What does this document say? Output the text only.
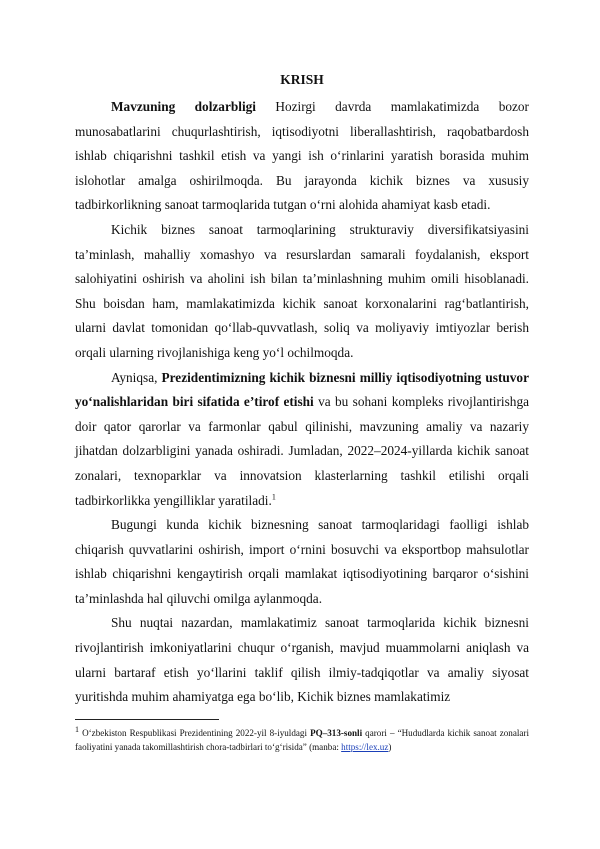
KRISH

Mavzuning dolzarbligi Hozirgi davrda mamlakatimizda bozor munosabatlarini chuqurlashtirish, iqtisodiyotni liberallashtirish, raqobatbardosh ishlab chiqarishni tashkil etish va yangi ish o‘rinlarini yaratish borasida muhim islohotlar amalga oshirilmoqda. Bu jarayonda kichik biznes va xususiy tadbirkorlikning sanoat tarmoqlarida tutgan o‘rni alohida ahamiyat kasb etadi.

Kichik biznes sanoat tarmoqlarining strukturaviy diversifikatsiyasini ta’minlash, mahalliy xomashyo va resurslardan samarali foydalanish, eksport salohiyatini oshirish va aholini ish bilan ta’minlashning muhim omili hisoblanadi. Shu boisdan ham, mamlakatimizda kichik sanoat korxonalarini rag‘batlantirish, ularni davlat tomonidan qo‘llab-quvvatlash, soliq va moliyaviy imtiyozlar berish orqali ularning rivojlanishiga keng yo‘l ochilmoqda.

Ayniqsa, Prezidentimizning kichik biznesni milliy iqtisodiyotning ustuvor yo‘nalishlaridan biri sifatida e’tirof etishi va bu sohani kompleks rivojlantirishga doir qator qarorlar va farmonlar qabul qilinishi, mavzuning amaliy va nazariy jihatdan dolzarbligini yanada oshiradi. Jumladan, 2022–2024-yillarda kichik sanoat zonalari, texnoparklar va innovatsion klasterlarning tashkil etilishi orqali tadbirkorlikka yengilliklar yaratiladi.$^1$

Bugungi kunda kichik biznesning sanoat tarmoqlaridagi faolligi ishlab chiqarish quvvatlarini oshirish, import o‘rnini bosuvchi va eksportbop mahsulotlar ishlab chiqarishni kengaytirish orqali mamlakat iqtisodiyotining barqaror o‘sishini ta’minlashda hal qiluvchi omilga aylanmoqda.

Shu nuqtai nazardan, mamlakatimiz sanoat tarmoqlarida kichik biznesni rivojlantirish imkoniyatlarini chuqur o‘rganish, mavjud muammolarni aniqlash va ularni bartaraf etish yo‘llarini taklif qilish ilmiy-tadqiqotlar va amaliy siyosat yuritishda muhim ahamiyatga ega bo‘lib, Kichik biznes mamlakatimiz

$^1$ O‘zbekiston Respublikasi Prezidentining 2022-yil 8-iyuldagi PQ–313-sonli qarori – “Hududlarda kichik sanoat zonalari faoliyatini yanada takomillashtirish chora-tadbirlari to‘g‘risida” (manba: https://lex.uz)
